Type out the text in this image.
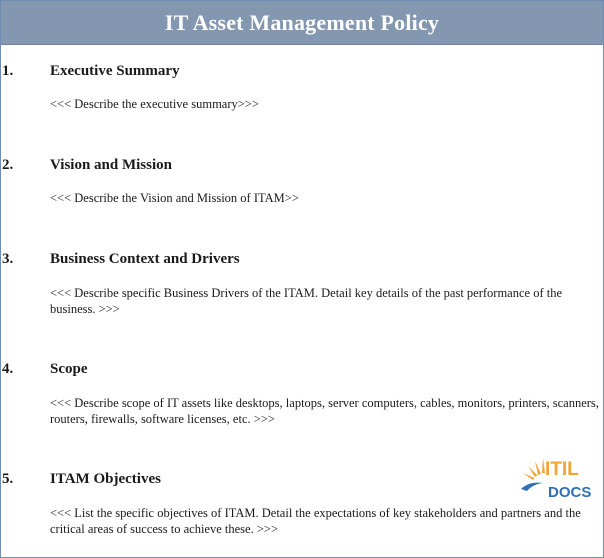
IT Asset Management Policy
1. Executive Summary
<<< Describe the executive summary>>>
2. Vision and Mission
<<< Describe the Vision and Mission of ITAM>>
3. Business Context and Drivers
<<< Describe specific Business Drivers of the ITAM. Detail key details of the past performance of the business. >>>
4. Scope
<<< Describe scope of IT assets like desktops, laptops, server computers, cables, monitors, printers, scanners, routers, firewalls, software licenses, etc. >>>
5. ITAM Objectives
<<< List the specific objectives of ITAM. Detail the expectations of key stakeholders and partners and the critical areas of success to achieve these. >>>
ITIL
DOCS
